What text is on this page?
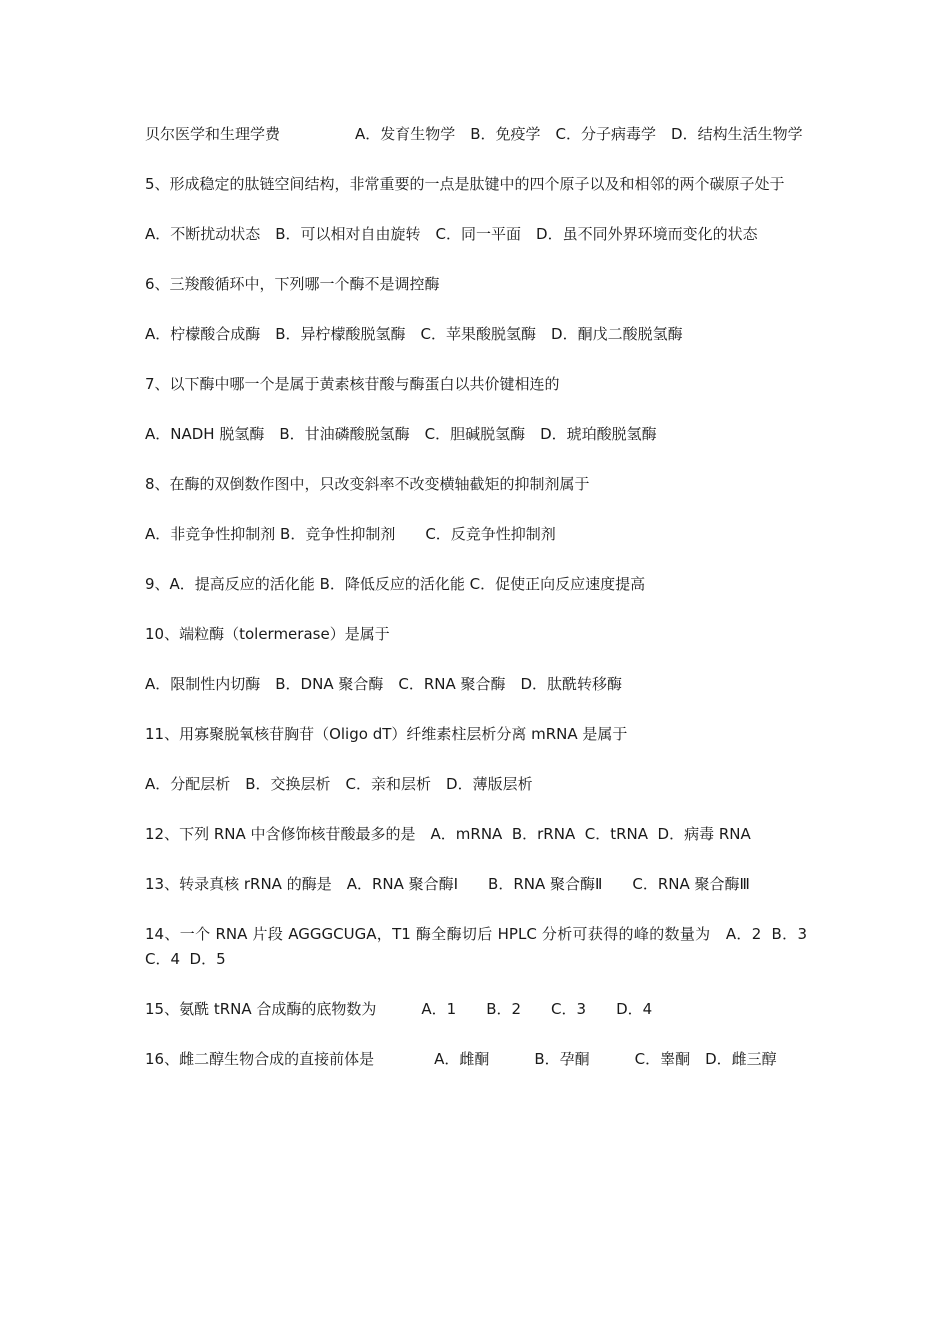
贝尔医学和生理学费　　　　　A．发育生物学　B．免疫学　C．分子病毒学　D．结构生活生物学

5、形成稳定的肽链空间结构，非常重要的一点是肽键中的四个原子以及和相邻的两个碳原子处于

A．不断扰动状态　B．可以相对自由旋转　C．同一平面　D．虽不同外界环境而变化的状态

6、三羧酸循环中，下列哪一个酶不是调控酶

A．柠檬酸合成酶　B．异柠檬酸脱氢酶　C．苹果酸脱氢酶　D．酮戊二酸脱氢酶

7、以下酶中哪一个是属于黄素核苷酸与酶蛋白以共价键相连的

A．NADH 脱氢酶　B．甘油磷酸脱氢酶　C．胆碱脱氢酶　D．琥珀酸脱氢酶

8、在酶的双倒数作图中，只改变斜率不改变横轴截矩的抑制剂属于

A．非竞争性抑制剂 B．竞争性抑制剂　　C．反竞争性抑制剂

9、A．提高反应的活化能 B．降低反应的活化能 C．促使正向反应速度提高

10、端粒酶（tolermerase）是属于

A．限制性内切酶　B．DNA 聚合酶　C．RNA 聚合酶　D．肽酰转移酶

11、用寡聚脱氧核苷胸苷（Oligo dT）纤维素柱层析分离 mRNA 是属于

A．分配层析　B．交换层析　C．亲和层析　D．薄版层析

12、下列 RNA 中含修饰核苷酸最多的是　A．mRNA  B．rRNA  C．tRNA  D．病毒 RNA

13、转录真核 rRNA 的酶是　A．RNA 聚合酶Ⅰ　　B．RNA 聚合酶Ⅱ　　C．RNA 聚合酶Ⅲ

14、一个 RNA 片段 AGGGCUGA，T1 酶全酶切后 HPLC 分析可获得的峰的数量为　A．2  B．3  C．4  D．5

15、氨酰 tRNA 合成酶的底物数为　　　A．1　　B．2　　C．3　　D．4

16、雌二醇生物合成的直接前体是　　　　A．雌酮　　　B．孕酮　　　C．睾酮　D．雌三醇
